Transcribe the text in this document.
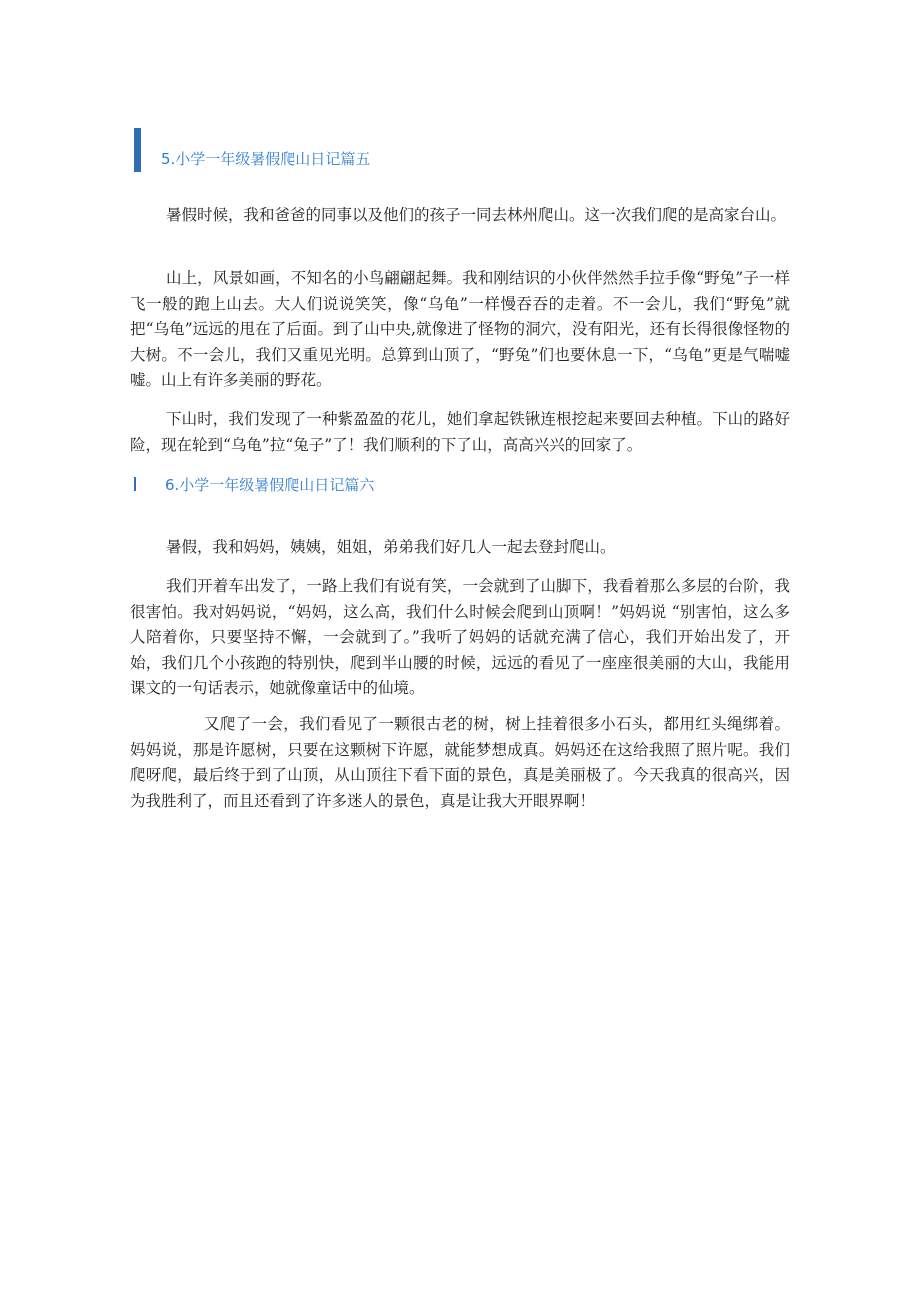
5.小学一年级暑假爬山日记篇五

暑假时候，我和爸爸的同事以及他们的孩子一同去林州爬山。这一次我们爬的是高家台山。

山上，风景如画，不知名的小鸟翩翩起舞。我和刚结识的小伙伴然然手拉手像“野兔”子一样飞一般的跑上山去。大人们说说笑笑，像“乌龟”一样慢吞吞的走着。不一会儿，我们“野兔”就把“乌龟”远远的甩在了后面。到了山中央,就像进了怪物的洞穴，没有阳光，还有长得很像怪物的大树。不一会儿，我们又重见光明。总算到山顶了，“野兔”们也要休息一下，“乌龟”更是气喘嘘嘘。山上有许多美丽的野花。

下山时，我们发现了一种紫盈盈的花儿，她们拿起铁锹连根挖起来要回去种植。下山的路好险，现在轮到“乌龟”拉“兔子”了！我们顺利的下了山，高高兴兴的回家了。

6.小学一年级暑假爬山日记篇六

暑假，我和妈妈，姨姨，姐姐，弟弟我们好几人一起去登封爬山。

我们开着车出发了，一路上我们有说有笑，一会就到了山脚下，我看着那么多层的台阶，我很害怕。我对妈妈说，“妈妈，这么高，我们什么时候会爬到山顶啊！”妈妈说 “别害怕，这么多人陪着你，只要坚持不懈，一会就到了。”我听了妈妈的话就充满了信心，我们开始出发了，开始，我们几个小孩跑的特别快，爬到半山腰的时候，远远的看见了一座座很美丽的大山，我能用课文的一句话表示，她就像童话中的仙境。

又爬了一会，我们看见了一颗很古老的树，树上挂着很多小石头，都用红头绳绑着。妈妈说，那是许愿树，只要在这颗树下许愿，就能梦想成真。妈妈还在这给我照了照片呢。我们爬呀爬，最后终于到了山顶，从山顶往下看下面的景色，真是美丽极了。今天我真的很高兴，因为我胜利了，而且还看到了许多迷人的景色，真是让我大开眼界啊！
